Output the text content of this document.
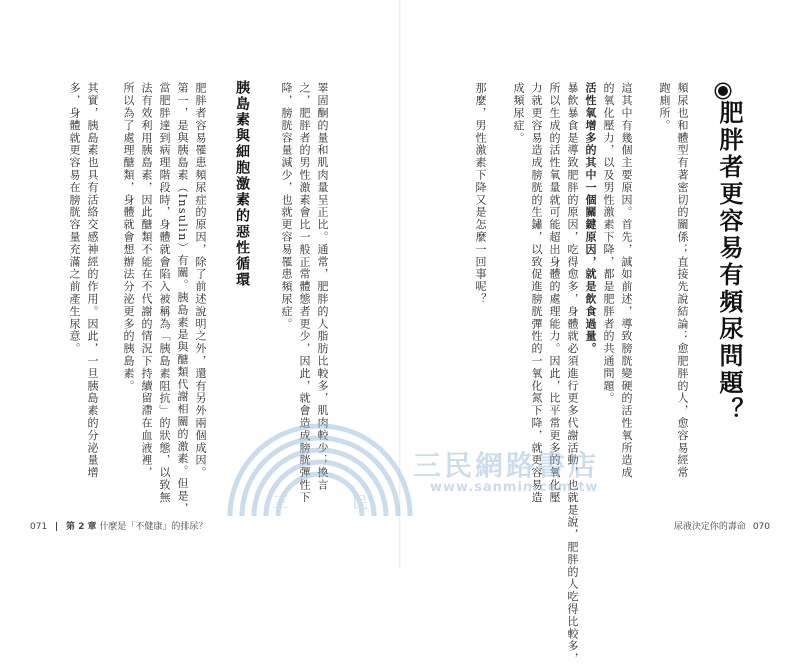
肥胖者更容易有頻尿問題？
頻尿也和體型有著密切的關係；直接先說結論：愈肥胖的人，愈容易經常
跑廁所。
這其中有幾個主要原因。首先，誠如前述，導致膀胱變硬的活性氧所造成
的氧化壓力，以及男性激素下降，都是肥胖者的共通問題。
活性氧增多的其中一個關鍵原因，就是飲食過量。
暴飲暴食是導致肥胖的原因，吃得愈多，身體就必須進行更多代謝活動，也就是說，肥胖的人吃得比較多，
所以生成的活性氧量就可能超出身體的處理能力。因此，比平常更多的氧化壓
力就更容易造成膀胱的生鏽，以致促進膀胱彈性的一氧化氮下降，就更容易造
成頻尿症。
那麼，男性激素下降又是怎麼一回事呢？
睪固酮的量和肌肉量呈正比。通常，肥胖的人脂肪比較多，肌肉較少；換言
之，肥胖者的男性激素會比一般正常體態者更少，因此，就會造成膀胱彈性下
降，膀胱容量減少，也就更容易罹患頻尿症。
胰島素與細胞激素的惡性循環
肥胖者容易罹患頻尿症的原因，除了前述說明之外，還有另外兩個成因。
第一，是與胰島素（Insulin）有關。胰島素是與醣類代謝相關的激素。但是，
當肥胖達到病理階段時，身體就會陷入被稱為「胰島素阻抗」的狀態，以致無
法有效利用胰島素，因此醣類不能在不代謝的情況下持續留滯在血液裡，
所以為了處理醣類，身體就會想辦法分泌更多的胰島素。
其實，胰島素也具有活絡交感神經的作用。因此，一旦胰島素的分泌量增
多，身體就更容易在膀胱容量充滿之前產生尿意。
三	民
三民網路書店
www.sanmin.com.tw
071 第 2 章 什麼是「不健康」的排尿？	尿液決定你的壽命 070
